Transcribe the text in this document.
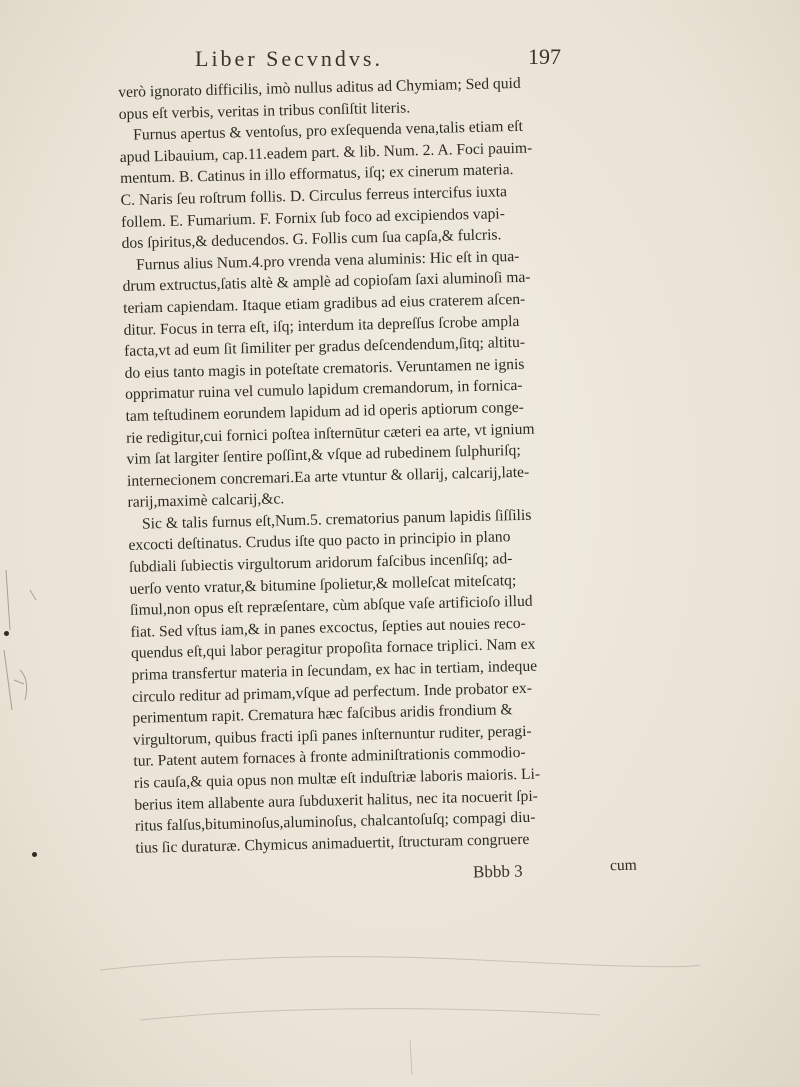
Liber Secvndvs.	197

verò ignorato difficilis, imò nullus aditus ad Chymiam; Sed quid
opus eſt verbis, veritas in tribus conſiſtit literis.

Furnus apertus & ventoſus, pro exſequenda vena,talis etiam eſt
apud Libauium, cap.11.eadem part. & lib. Num. 2. A. Foci pauim-
mentum. B. Catinus in illo efformatus, iſq; ex cinerum materia.
C. Naris ſeu roſtrum follis. D. Circulus ferreus intercifus iuxta
follem. E. Fumarium. F. Fornix ſub foco ad excipiendos vapi-
dos ſpiritus,& deducendos. G. Follis cum ſua capſa,& fulcris.

Furnus alius Num.4.pro vrenda vena aluminis: Hic eſt in qua-
drum extructus,ſatis altè & amplè ad copioſam ſaxi aluminoſi ma-
teriam capiendam. Itaque etiam gradibus ad eius craterem aſcen-
ditur. Focus in terra eſt, iſq; interdum ita depreſſus ſcrobe ampla
facta,vt ad eum ſit ſimiliter per gradus deſcendendum,ſitq; altitu-
do eius tanto magis in poteſtate crematoris. Veruntamen ne ignis
opprimatur ruina vel cumulo lapidum cremandorum, in fornica-
tam teſtudinem eorundem lapidum ad id operis aptiorum conge-
rie redigitur,cui fornici poſtea inſternūtur cæteri ea arte, vt ignium
vim ſat largiter ſentire poſſint,& vſque ad rubedinem ſulphuriſq;
internecionem concremari.Ea arte vtuntur & ollarij, calcarij,late-
rarij,maximè calcarij,&c.

Sic & talis furnus eſt,Num.5. crematorius panum lapidis ſiſſilis
excocti deſtinatus. Crudus iſte quo pacto in principio in plano
ſubdiali ſubiectis virgultorum aridorum faſcibus incenſiſq; ad-
uerſo vento vratur,& bitumine ſpolietur,& molleſcat miteſcatq;
ſimul,non opus eſt repræſentare, cùm abſque vaſe artificioſo illud
fiat. Sed vſtus iam,& in panes excoctus, ſepties aut nouies reco-
quendus eſt,qui labor peragitur propoſita fornace triplici. Nam ex
prima transfertur materia in ſecundam, ex hac in tertiam, indeque
circulo reditur ad primam,vſque ad perfectum. Inde probator ex-
perimentum rapit. Crematura hæc faſcibus aridis frondium &
virgultorum, quibus fracti ipſi panes inſternuntur ruditer, peragi-
tur. Patent autem fornaces à fronte adminiſtrationis commodio-
ris cauſa,& quia opus non multæ eſt induſtriæ laboris maioris. Li-
berius item allabente aura ſubduxerit halitus, nec ita nocuerit ſpi-
ritus falſus,bituminoſus,aluminoſus, chalcantoſuſq; compagi diu-
tius ſic duraturæ. Chymicus animaduertit, ſtructuram congruere

Bbbb 3	cum
